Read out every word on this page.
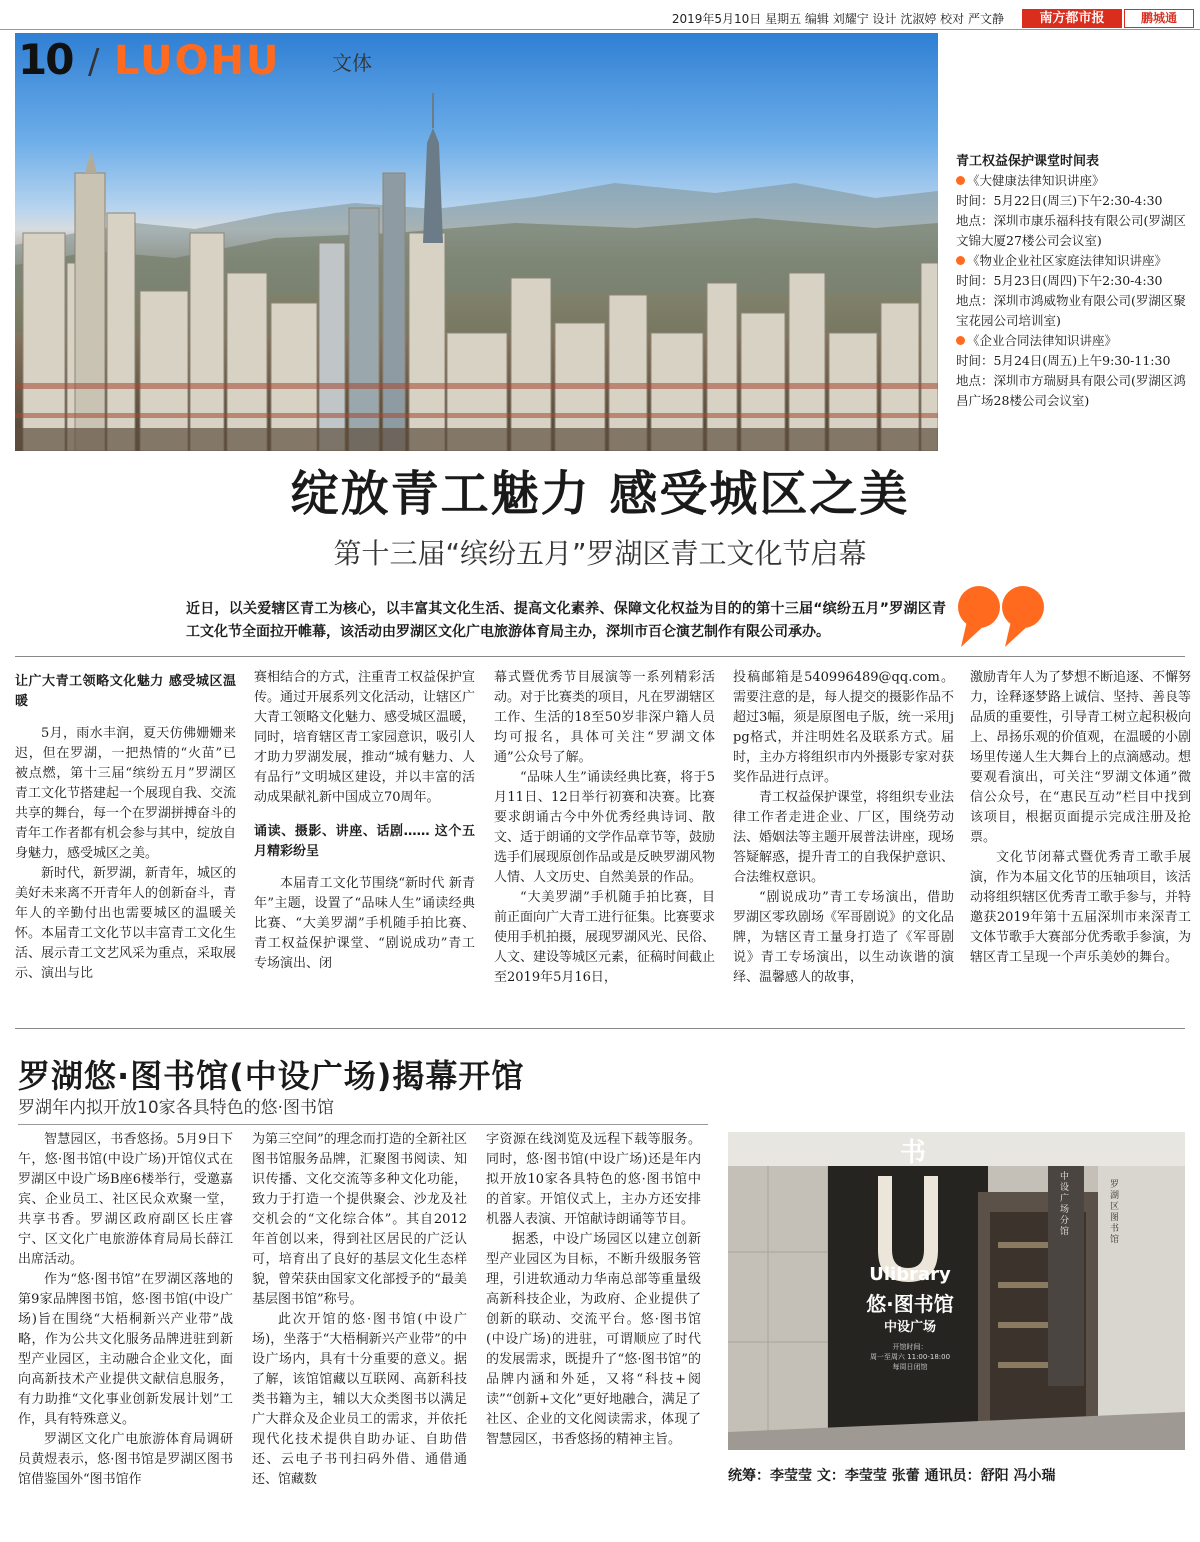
2019年5月10日 星期五 编辑 刘耀宁 设计 沈淑婷 校对 严文静	南方都市报	鹏城通
10 / LUOHU	文体
青工权益保护课堂时间表
《大健康法律知识讲座》
时间：5月22日(周三)下午2:30-4:30
地点：深圳市康乐福科技有限公司(罗湖区文锦大厦27楼公司会议室)
《物业企业社区家庭法律知识讲座》
时间：5月23日(周四)下午2:30-4:30
地点：深圳市鸿威物业有限公司(罗湖区聚宝花园公司培训室)
《企业合同法律知识讲座》
时间：5月24日(周五)上午9:30-11:30
地点：深圳市方瑞厨具有限公司(罗湖区鸿昌广场28楼公司会议室)
绽放青工魅力 感受城区之美
第十三届“缤纷五月”罗湖区青工文化节启幕
近日，以关爱辖区青工为核心，以丰富其文化生活、提高文化素养、保障文化权益为目的的第十三届“缤纷五月”罗湖区青工文化节全面拉开帷幕，该活动由罗湖区文化广电旅游体育局主办，深圳市百仑演艺制作有限公司承办。

让广大青工领略文化魅力 感受城区温暖

5月，雨水丰润，夏天仿佛姗姗来迟，但在罗湖，一把热情的“火苗”已被点燃，第十三届“缤纷五月”罗湖区青工文化节搭建起一个展现自我、交流共享的舞台，每一个在罗湖拼搏奋斗的青年工作者都有机会参与其中，绽放自身魅力，感受城区之美。

新时代，新罗湖，新青年，城区的美好未来离不开青年人的创新奋斗，青年人的辛勤付出也需要城区的温暖关怀。本届青工文化节以丰富青工文化生活、展示青工文艺风采为重点，采取展示、演出与比

赛相结合的方式，注重青工权益保护宣传。通过开展系列文化活动，让辖区广大青工领略文化魅力、感受城区温暖，同时，培育辖区青工家园意识，吸引人才助力罗湖发展，推动“城有魅力、人有品行”文明城区建设，并以丰富的活动成果献礼新中国成立70周年。

诵读、摄影、讲座、话剧…… 这个五月精彩纷呈

本届青工文化节围绕“新时代 新青年”主题，设置了“品味人生”诵读经典比赛、“大美罗湖”手机随手拍比赛、青工权益保护课堂、“剧说成功”青工专场演出、闭

幕式暨优秀节目展演等一系列精彩活动。对于比赛类的项目，凡在罗湖辖区工作、生活的18至50岁非深户籍人员均可报名，具体可关注“罗湖文体通”公众号了解。

“品味人生”诵读经典比赛，将于5月11日、12日举行初赛和决赛。比赛要求朗诵古今中外优秀经典诗词、散文、适于朗诵的文学作品章节等，鼓励选手们展现原创作品或是反映罗湖风物人情、人文历史、自然美景的作品。

“大美罗湖”手机随手拍比赛，目前正面向广大青工进行征集。比赛要求使用手机拍摄，展现罗湖风光、民俗、人文、建设等城区元素，征稿时间截止至2019年5月16日，

投稿邮箱是540996489@qq.com。需要注意的是，每人提交的摄影作品不超过3幅，须是原图电子版，统一采用jpg格式，并注明姓名及联系方式。届时，主办方将组织市内外摄影专家对获奖作品进行点评。

青工权益保护课堂，将组织专业法律工作者走进企业、厂区，围绕劳动法、婚姻法等主题开展普法讲座，现场答疑解惑，提升青工的自我保护意识、合法维权意识。

“剧说成功”青工专场演出，借助罗湖区零玖剧场《军哥剧说》的文化品牌，为辖区青工量身打造了《军哥剧说》青工专场演出，以生动诙谐的演绎、温馨感人的故事，

激励青年人为了梦想不断追逐、不懈努力，诠释逐梦路上诚信、坚持、善良等品质的重要性，引导青工树立起积极向上、昂扬乐观的价值观，在温暖的小剧场里传递人生大舞台上的点滴感动。想要观看演出，可关注“罗湖文体通”微信公众号，在“惠民互动”栏目中找到该项目，根据页面提示完成注册及抢票。

文化节闭幕式暨优秀青工歌手展演，作为本届文化节的压轴项目，该活动将组织辖区优秀青工歌手参与，并特邀获2019年第十五届深圳市来深青工文体节歌手大赛部分优秀歌手参演，为辖区青工呈现一个声乐美妙的舞台。

罗湖悠·图书馆(中设广场)揭幕开馆
罗湖年内拟开放10家各具特色的悠·图书馆

智慧园区，书香悠扬。5月9日下午，悠·图书馆(中设广场)开馆仪式在罗湖区中设广场B座6楼举行，受邀嘉宾、企业员工、社区民众欢聚一堂，共享书香。罗湖区政府副区长庄睿宁、区文化广电旅游体育局局长薛江出席活动。

作为“悠·图书馆”在罗湖区落地的第9家品牌图书馆，悠·图书馆(中设广场)旨在围绕“大梧桐新兴产业带”战略，作为公共文化服务品牌进驻到新型产业园区，主动融合企业文化，面向高新技术产业提供文献信息服务，有力助推“文化事业创新发展计划”工作，具有特殊意义。

罗湖区文化广电旅游体育局调研员黄煜表示，悠·图书馆是罗湖区图书馆借鉴国外“图书馆作

为第三空间”的理念而打造的全新社区图书馆服务品牌，汇聚图书阅读、知识传播、文化交流等多种文化功能，致力于打造一个提供聚会、沙龙及社交机会的“文化综合体”。其自2012年首创以来，得到社区居民的广泛认可，培育出了良好的基层文化生态样貌，曾荣获由国家文化部授予的“最美基层图书馆”称号。

此次开馆的悠·图书馆(中设广场)，坐落于“大梧桐新兴产业带”的中设广场内，具有十分重要的意义。据了解，该馆馆藏以互联网、高新科技类书籍为主，辅以大众类图书以满足广大群众及企业员工的需求，并依托现代化技术提供自助办证、自助借还、云电子书刊扫码外借、通借通还、馆藏数

字资源在线浏览及远程下载等服务。同时，悠·图书馆(中设广场)还是年内拟开放10家各具特色的悠·图书馆中的首家。开馆仪式上，主办方还安排机器人表演、开馆献诗朗诵等节目。

据悉，中设广场园区以建立创新型产业园区为目标，不断升级服务管理，引进软通动力华南总部等重量级高新科技企业，为政府、企业提供了创新的联动、交流平台。悠·图书馆(中设广场)的进驻，可谓顺应了时代的发展需求，既提升了“悠·图书馆”的品牌内涵和外延，又将“科技+阅读”“创新+文化”更好地融合，满足了社区、企业的文化阅读需求，体现了智慧园区，书香悠扬的精神主旨。

书
Ulibrary
悠·图书馆
中设广场
开馆时间：
周一至周六 11:00-18:00
每周日闭馆
罗湖区图书馆
中设广场分馆
统筹：李莹莹 文：李莹莹 张蕾 通讯员：舒阳 冯小瑞
